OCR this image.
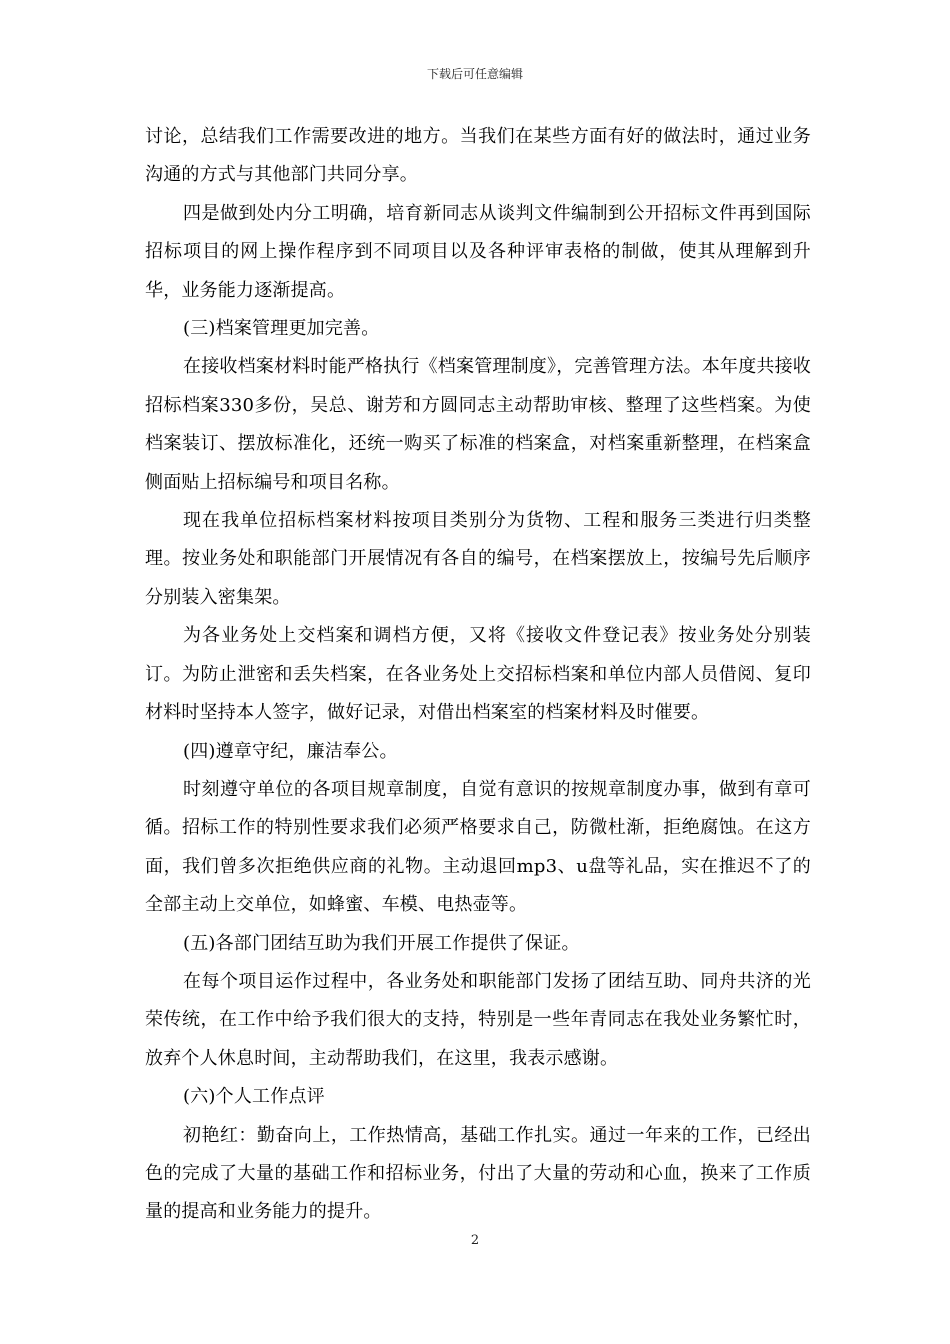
下载后可任意编辑

讨论，总结我们工作需要改进的地方。当我们在某些方面有好的做法时，通过业务沟通的方式与其他部门共同分享。

四是做到处内分工明确，培育新同志从谈判文件编制到公开招标文件再到国际招标项目的网上操作程序到不同项目以及各种评审表格的制做，使其从理解到升华，业务能力逐渐提高。

(三)档案管理更加完善。

在接收档案材料时能严格执行《档案管理制度》，完善管理方法。本年度共接收招标档案330多份，吴总、谢芳和方圆同志主动帮助审核、整理了这些档案。为使档案装订、摆放标准化，还统一购买了标准的档案盒，对档案重新整理，在档案盒侧面贴上招标编号和项目名称。

现在我单位招标档案材料按项目类别分为货物、工程和服务三类进行归类整理。按业务处和职能部门开展情况有各自的编号，在档案摆放上，按编号先后顺序分别装入密集架。

为各业务处上交档案和调档方便，又将《接收文件登记表》按业务处分别装订。为防止泄密和丢失档案，在各业务处上交招标档案和单位内部人员借阅、复印材料时坚持本人签字，做好记录，对借出档案室的档案材料及时催要。

(四)遵章守纪，廉洁奉公。

时刻遵守单位的各项目规章制度，自觉有意识的按规章制度办事，做到有章可循。招标工作的特别性要求我们必须严格要求自己，防微杜渐，拒绝腐蚀。在这方面，我们曾多次拒绝供应商的礼物。主动退回mp3、u盘等礼品，实在推迟不了的全部主动上交单位，如蜂蜜、车模、电热壶等。

(五)各部门团结互助为我们开展工作提供了保证。

在每个项目运作过程中，各业务处和职能部门发扬了团结互助、同舟共济的光荣传统，在工作中给予我们很大的支持，特别是一些年青同志在我处业务繁忙时，放弃个人休息时间，主动帮助我们，在这里，我表示感谢。

(六)个人工作点评

初艳红：勤奋向上，工作热情高，基础工作扎实。通过一年来的工作，已经出色的完成了大量的基础工作和招标业务，付出了大量的劳动和心血，换来了工作质量的提高和业务能力的提升。

2
